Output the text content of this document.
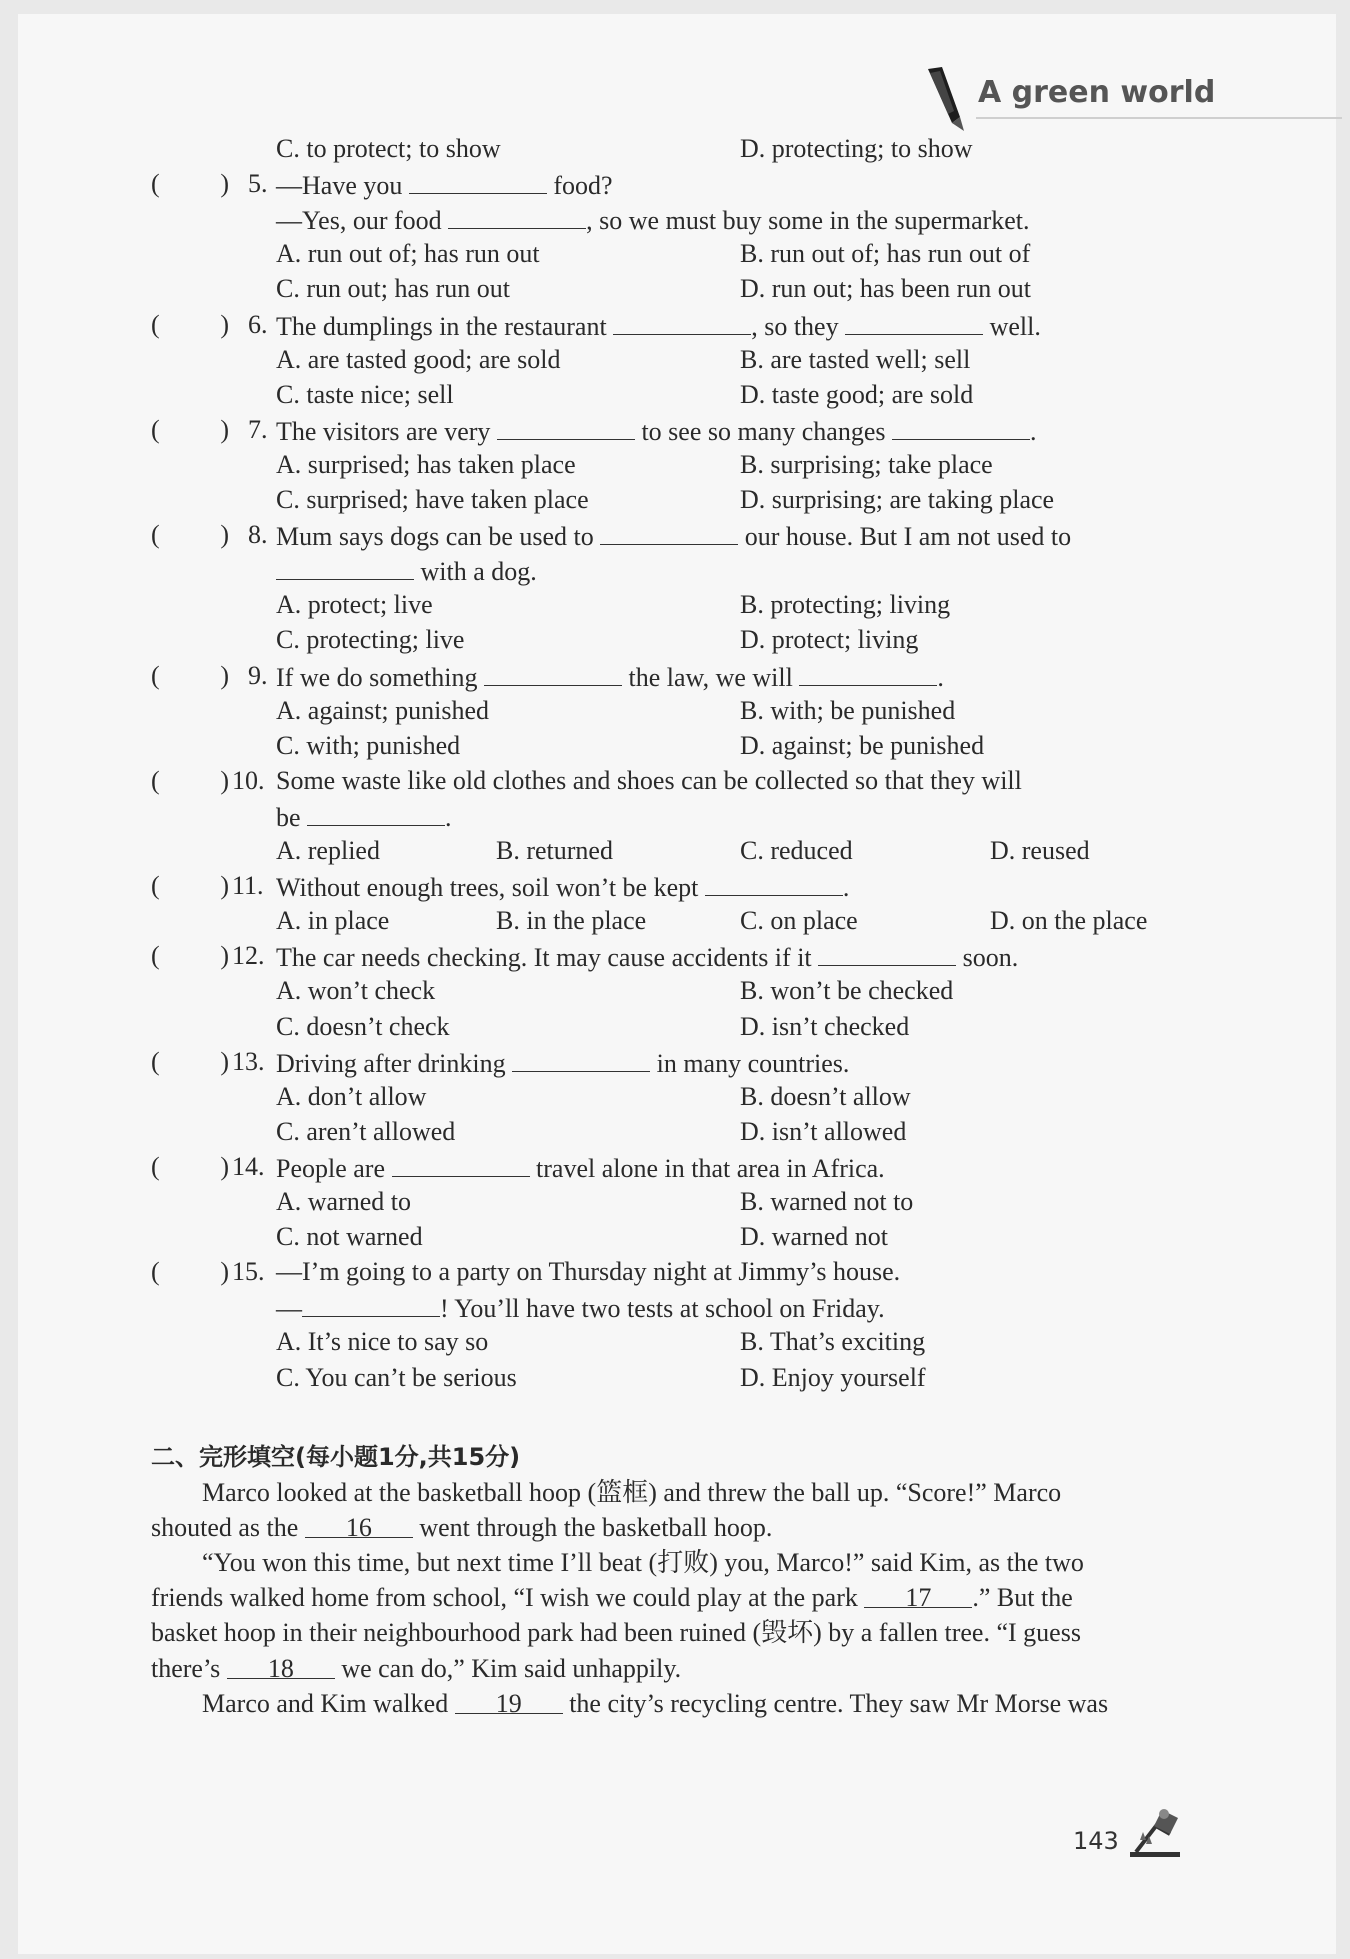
A green world
C. to protect; to show	D. protecting; to show
( ) 5. —Have you	food?
—Yes, our food	, so we must buy some in the supermarket.
A. run out of; has run out	B. run out of; has run out of
C. run out; has run out	D. run out; has been run out
( ) 6. The dumplings in the restaurant	, so they	well.
A. are tasted good; are sold	B. are tasted well; sell
C. taste nice; sell	D. taste good; are sold
( ) 7. The visitors are very	to see so many changes	.
A. surprised; has taken place	B. surprising; take place
C. surprised; have taken place	D. surprising; are taking place
( ) 8. Mum says dogs can be used to	our house. But I am not used to
with a dog.
A. protect; live	B. protecting; living
C. protecting; live	D. protect; living
( ) 9. If we do something	the law, we will	.
A. against; punished	B. with; be punished
C. with; punished	D. against; be punished
( ) 10. Some waste like old clothes and shoes can be collected so that they will
be	.
A. replied	B. returned	C. reduced	D. reused
( ) 11. Without enough trees, soil won’t be kept	.
A. in place	B. in the place	C. on place	D. on the place
( ) 12. The car needs checking. It may cause accidents if it	soon.
A. won’t check	B. won’t be checked
C. doesn’t check	D. isn’t checked
( ) 13. Driving after drinking	in many countries.
A. don’t allow	B. doesn’t allow
C. aren’t allowed	D. isn’t allowed
( ) 14. People are	travel alone in that area in Africa.
A. warned to	B. warned not to
C. not warned	D. warned not
( ) 15. —I’m going to a party on Thursday night at Jimmy’s house.
—	! You’ll have two tests at school on Friday.
A. It’s nice to say so	B. That’s exciting
C. You can’t be serious	D. Enjoy yourself
二、完形填空(每小题1分,共15分)
Marco looked at the basketball hoop (篮框) and threw the ball up. “Score!” Marco
shouted as the 16 went through the basketball hoop.
“You won this time, but next time I’ll beat (打败) you, Marco!” said Kim, as the two
friends walked home from school, “I wish we could play at the park 17 .” But the
basket hoop in their neighbourhood park had been ruined (毁坏) by a fallen tree. “I guess
there’s 18 we can do,” Kim said unhappily.
Marco and Kim walked 19 the city’s recycling centre. They saw Mr Morse was
143
